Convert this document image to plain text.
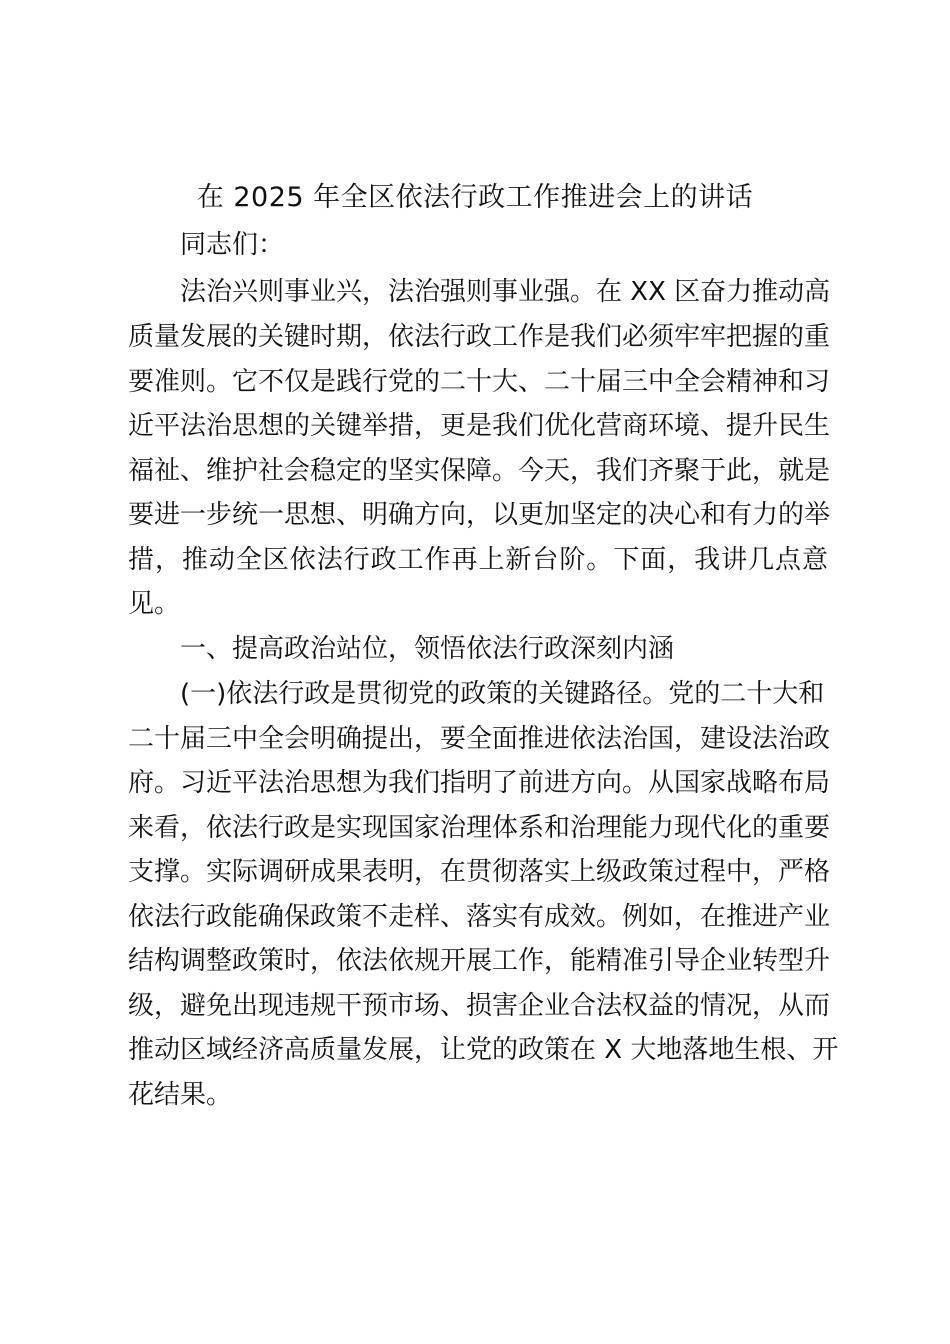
在 2025 年全区依法行政工作推进会上的讲话
同志们：
法治兴则事业兴，法治强则事业强。在 XX 区奋力推动高
质量发展的关键时期，依法行政工作是我们必须牢牢把握的重
要准则。它不仅是践行党的二十大、二十届三中全会精神和习
近平法治思想的关键举措，更是我们优化营商环境、提升民生
福祉、维护社会稳定的坚实保障。今天，我们齐聚于此，就是
要进一步统一思想、明确方向，以更加坚定的决心和有力的举
措，推动全区依法行政工作再上新台阶。下面，我讲几点意
见。
一、提高政治站位，领悟依法行政深刻内涵
(一)依法行政是贯彻党的政策的关键路径。党的二十大和
二十届三中全会明确提出，要全面推进依法治国，建设法治政
府。习近平法治思想为我们指明了前进方向。从国家战略布局
来看，依法行政是实现国家治理体系和治理能力现代化的重要
支撑。实际调研成果表明，在贯彻落实上级政策过程中，严格
依法行政能确保政策不走样、落实有成效。例如，在推进产业
结构调整政策时，依法依规开展工作，能精准引导企业转型升
级，避免出现违规干预市场、损害企业合法权益的情况，从而
推动区域经济高质量发展，让党的政策在 X 大地落地生根、开
花结果。
